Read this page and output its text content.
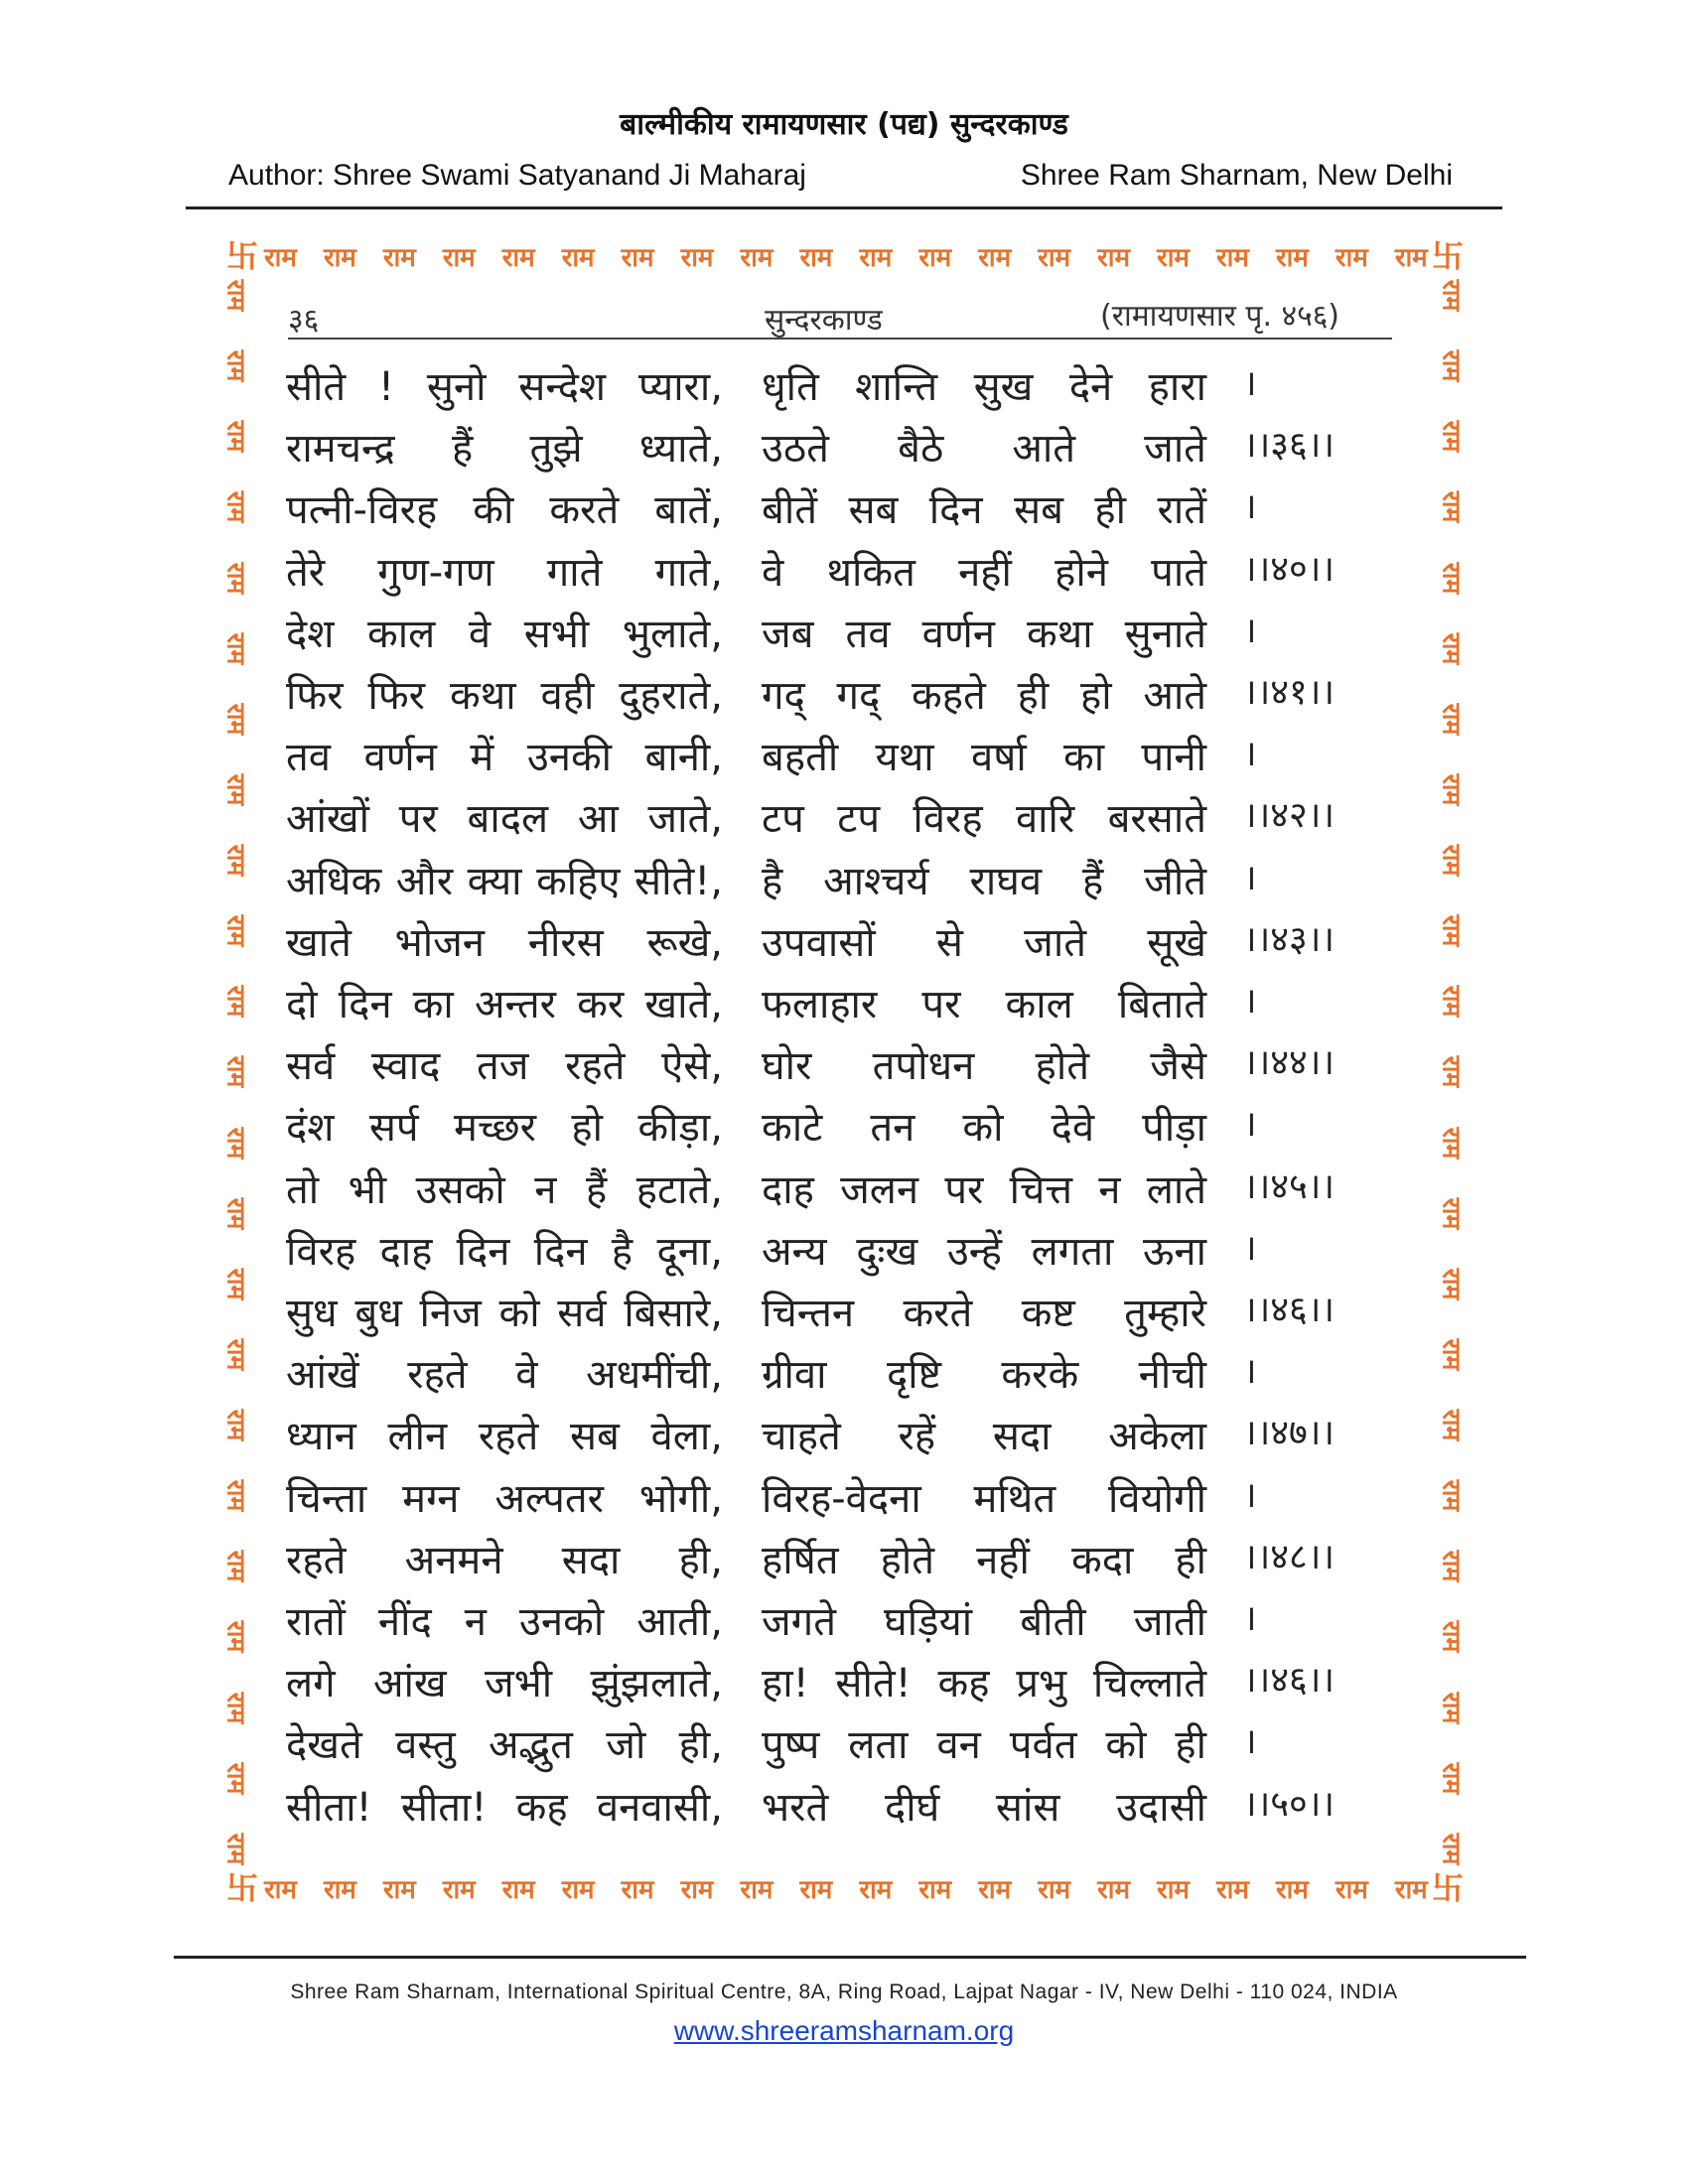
बाल्मीकीय रामायणसार (पद्य) सुन्दरकाण्ड
Author: Shree Swami Satyanand Ji Maharaj	Shree Ram Sharnam, New Delhi
卐	卐
卐	卐
राम राम राम राम राम राम राम राम राम राम राम राम राम राम राम राम राम राम राम राम
राम राम राम राम राम राम राम राम राम राम राम राम राम राम राम राम राम राम राम राम
राम
राम
राम
राम
राम
राम
राम
राम
राम
राम
राम
राम
राम
राम
राम
राम
राम
राम
राम
राम
राम
राम
राम
राम
राम
राम
राम
राम
राम
राम
राम
राम
राम
राम
राम
राम
राम
राम
राम
राम
राम
राम
राम
राम
राम
राम
३६	सुन्दरकाण्ड	(रामायणसार पृ. ४५६)
सीते ! सुनो सन्देश प्यारा, धृति शान्ति सुख देने हारा ।
रामचन्द्र हैं तुझे ध्याते, उठते बैठे आते जाते ।।३६।।
पत्नी-विरह की करते बातें, बीतें सब दिन सब ही रातें ।
तेरे गुण-गण गाते गाते, वे थकित नहीं होने पाते ।।४०।।
देश काल वे सभी भुलाते, जब तव वर्णन कथा सुनाते ।
फिर फिर कथा वही दुहराते, गद् गद् कहते ही हो आते ।।४१।।
तव वर्णन में उनकी बानी, बहती यथा वर्षा का पानी ।
आंखों पर बादल आ जाते, टप टप विरह वारि बरसाते ।।४२।।
अधिक और क्या कहिए सीते!, है आश्चर्य राघव हैं जीते ।
खाते भोजन नीरस रूखे, उपवासों से जाते सूखे ।।४३।।
दो दिन का अन्तर कर खाते, फलाहार पर काल बिताते ।
सर्व स्वाद तज रहते ऐसे, घोर तपोधन होते जैसे ।।४४।।
दंश सर्प मच्छर हो कीड़ा, काटे तन को देवे पीड़ा ।
तो भी उसको न हैं हटाते, दाह जलन पर चित्त न लाते ।।४५।।
विरह दाह दिन दिन है दूना, अन्य दुःख उन्हें लगता ऊना ।
सुध बुध निज को सर्व बिसारे, चिन्तन करते कष्ट तुम्हारे ।।४६।।
आंखें रहते वे अधमींची, ग्रीवा दृष्टि करके नीची ।
ध्यान लीन रहते सब वेला, चाहते रहें सदा अकेला ।।४७।।
चिन्ता मग्न अल्पतर भोगी, विरह-वेदना मथित वियोगी ।
रहते अनमने सदा ही, हर्षित होते नहीं कदा ही ।।४८।।
रातों नींद न उनको आती, जगते घड़ियां बीती जाती ।
लगे आंख जभी झुंझलाते, हा! सीते! कह प्रभु चिल्लाते ।।४६।।
देखते वस्तु अद्भुत जो ही, पुष्प लता वन पर्वत को ही ।
सीता! सीता! कह वनवासी, भरते दीर्घ सांस उदासी ।।५०।।
Shree Ram Sharnam, International Spiritual Centre, 8A, Ring Road, Lajpat Nagar - IV, New Delhi - 110 024, INDIA
www.shreeramsharnam.org
